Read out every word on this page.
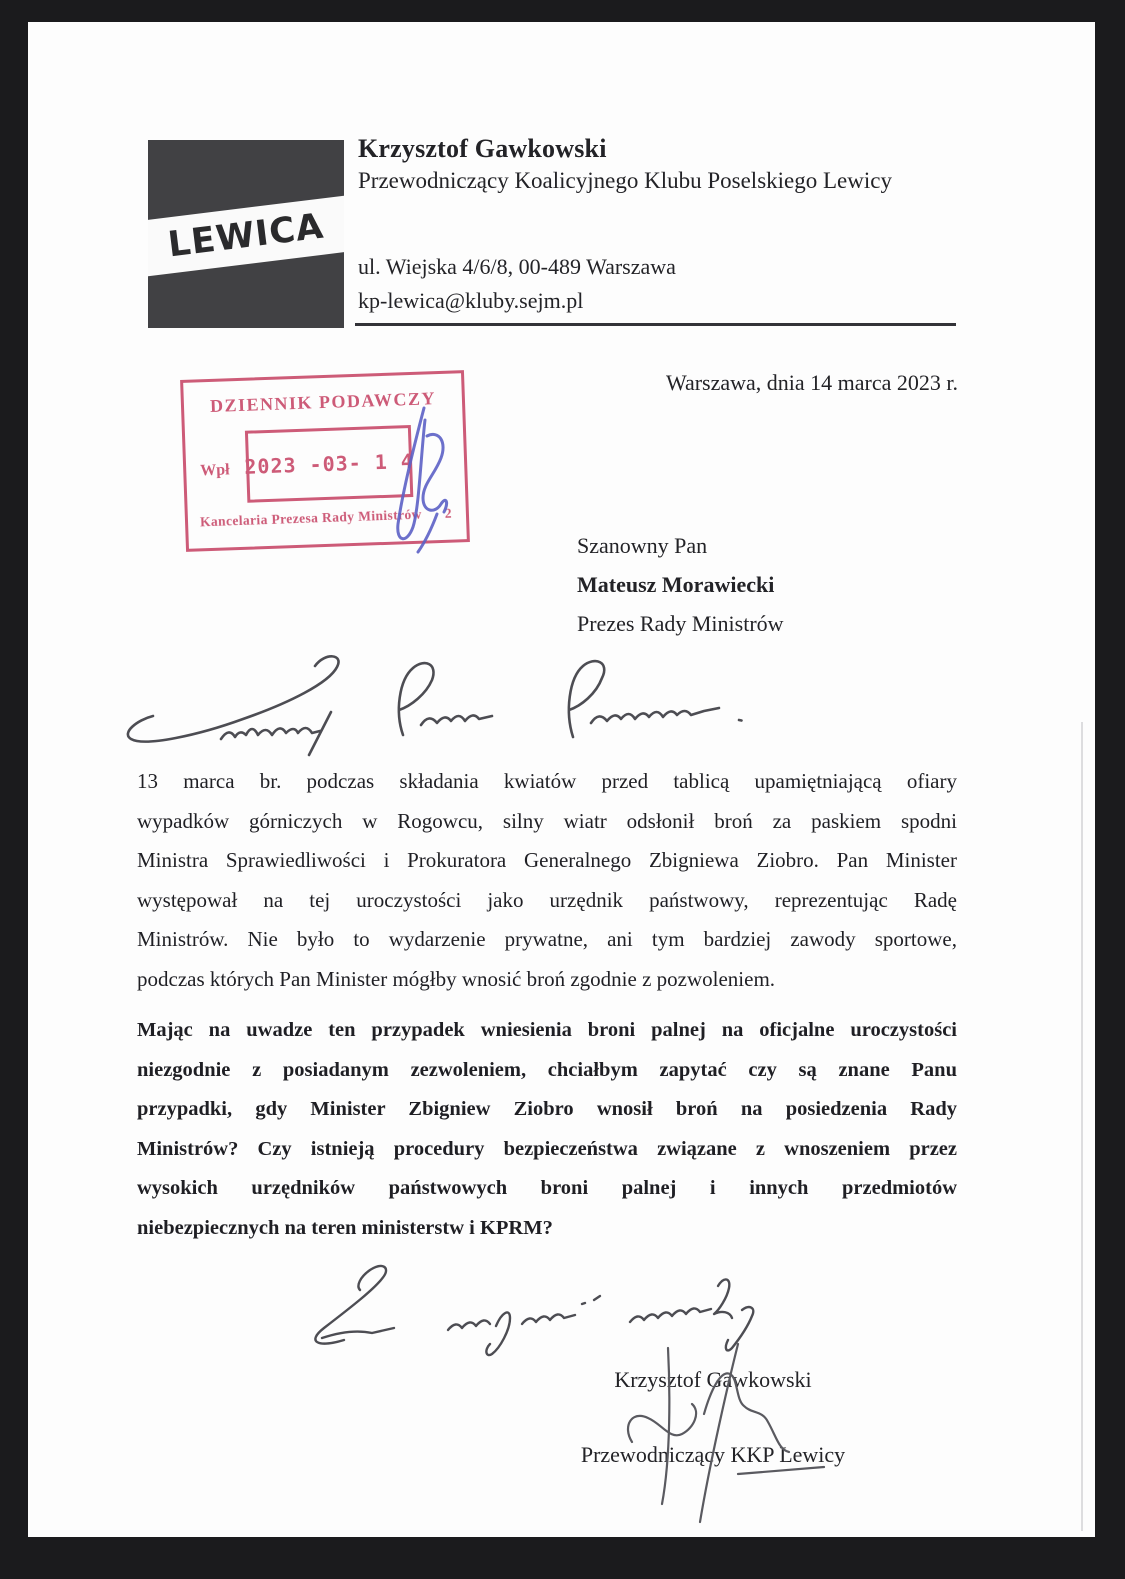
LEWICA
Krzysztof Gawkowski
Przewodniczący Koalicyjnego Klubu Poselskiego Lewicy
ul. Wiejska 4/6/8, 00-489 Warszawa
kp-lewica@kluby.sejm.pl
Warszawa, dnia 14 marca 2023 r.
DZIENNIK PODAWCZY
Wpł 2023 -03- 1 4
Kancelaria Prezesa Rady Ministrów 2
Szanowny Pan
Mateusz Morawiecki
Prezes Rady Ministrów
13 marca br. podczas składania kwiatów przed tablicą upamiętniającą ofiary
wypadków górniczych w Rogowcu, silny wiatr odsłonił broń za paskiem spodni
Ministra Sprawiedliwości i Prokuratora Generalnego Zbigniewa Ziobro. Pan Minister
występował na tej uroczystości jako urzędnik państwowy, reprezentując Radę
Ministrów. Nie było to wydarzenie prywatne, ani tym bardziej zawody sportowe,
podczas których Pan Minister mógłby wnosić broń zgodnie z pozwoleniem.
Mając na uwadze ten przypadek wniesienia broni palnej na oficjalne uroczystości
niezgodnie z posiadanym zezwoleniem, chciałbym zapytać czy są znane Panu
przypadki, gdy Minister Zbigniew Ziobro wnosił broń na posiedzenia Rady
Ministrów? Czy istnieją procedury bezpieczeństwa związane z wnoszeniem przez
wysokich urzędników państwowych broni palnej i innych przedmiotów
niebezpiecznych na teren ministerstw i KPRM?
Krzysztof Gawkowski
Przewodniczący KKP Lewicy
